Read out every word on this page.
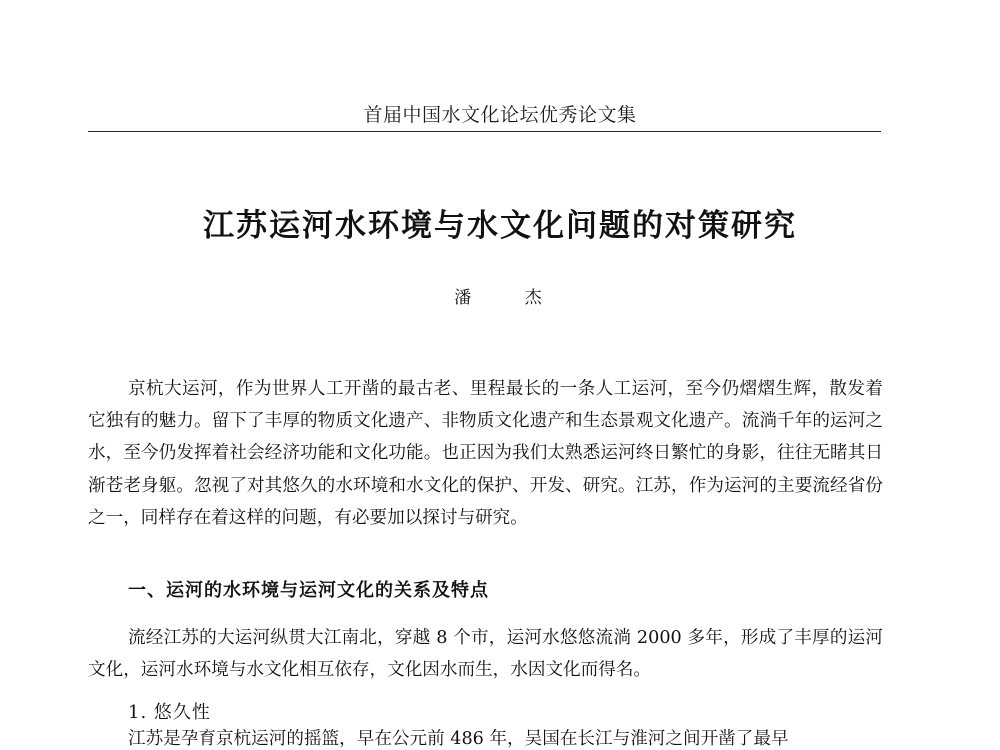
首届中国水文化论坛优秀论文集
江苏运河水环境与水文化问题的对策研究
潘 杰

京杭大运河，作为世界人工开凿的最古老、里程最长的一条人工运河，至今仍熠熠生辉，散发着它独有的魅力。留下了丰厚的物质文化遗产、非物质文化遗产和生态景观文化遗产。流淌千年的运河之水，至今仍发挥着社会经济功能和文化功能。也正因为我们太熟悉运河终日繁忙的身影，往往无睹其日渐苍老身躯。忽视了对其悠久的水环境和水文化的保护、开发、研究。江苏，作为运河的主要流经省份之一，同样存在着这样的问题，有必要加以探讨与研究。

一、运河的水环境与运河文化的关系及特点

流经江苏的大运河纵贯大江南北，穿越 8 个市，运河水悠悠流淌 2000 多年，形成了丰厚的运河文化，运河水环境与水文化相互依存，文化因水而生，水因文化而得名。

1. 悠久性
江苏是孕育京杭运河的摇篮，早在公元前 486 年，吴国在长江与淮河之间开凿了最早
